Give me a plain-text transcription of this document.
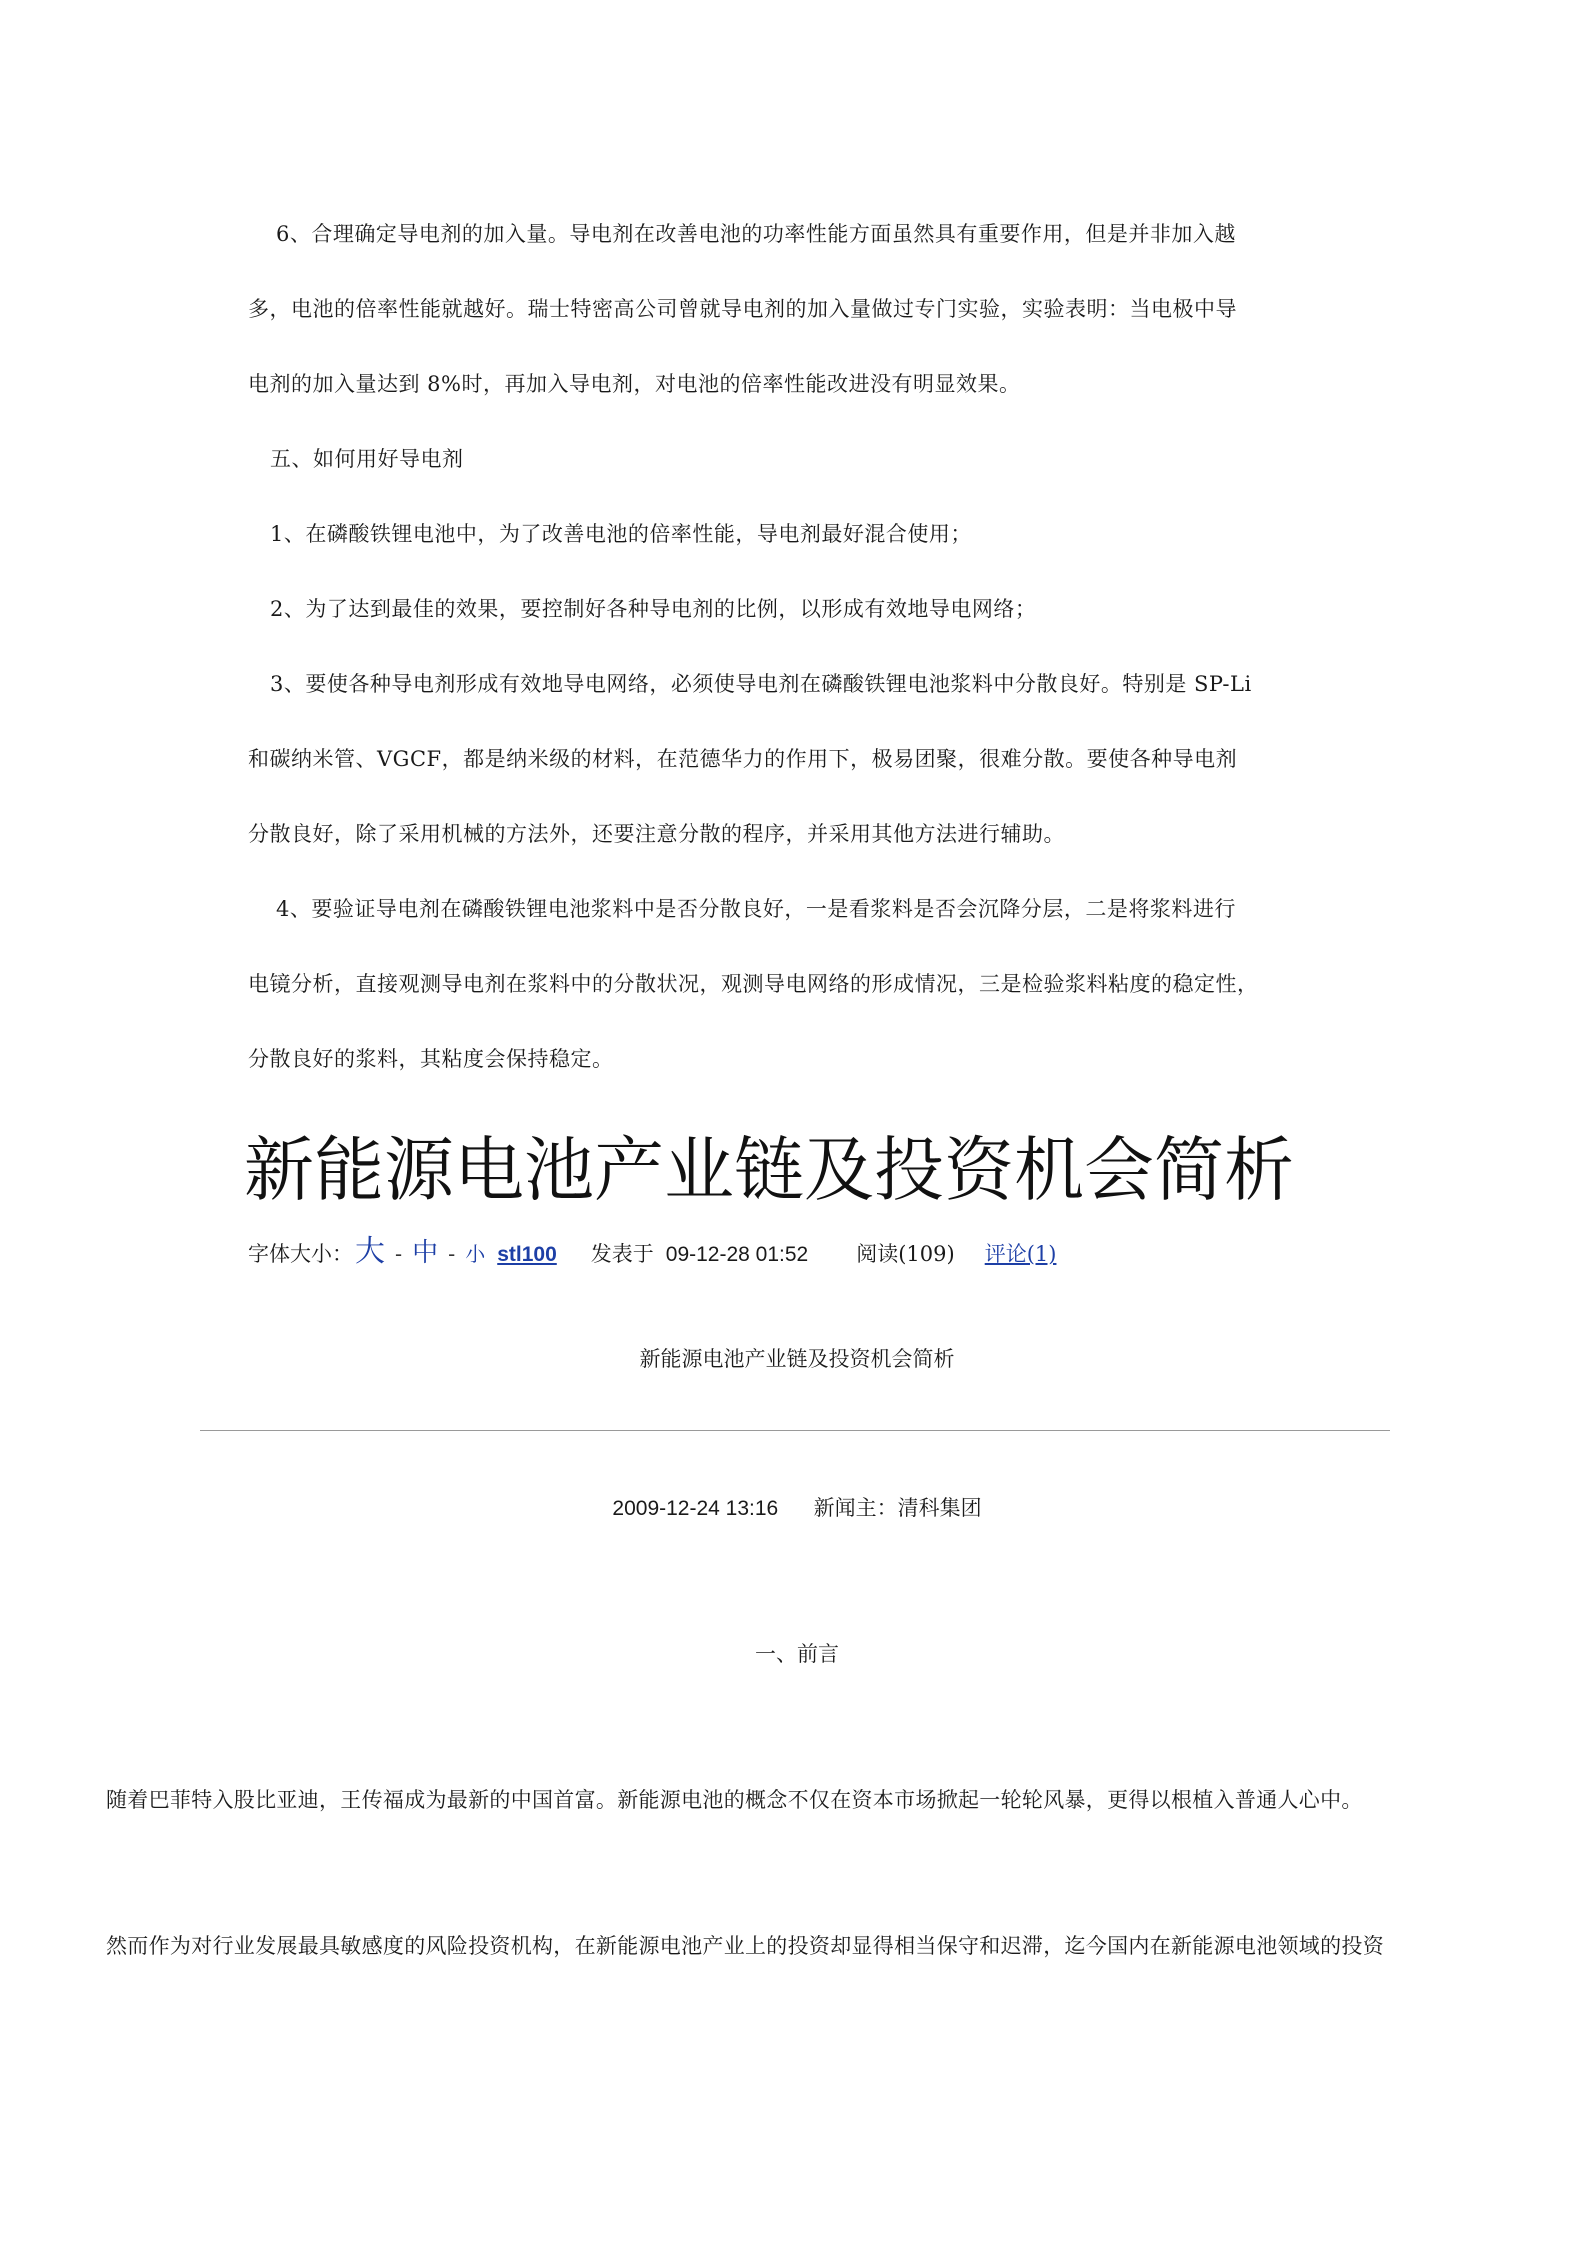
6、合理确定导电剂的加入量。导电剂在改善电池的功率性能方面虽然具有重要作用，但是并非加入越
多，电池的倍率性能就越好。瑞士特密高公司曾就导电剂的加入量做过专门实验，实验表明：当电极中导
电剂的加入量达到 8%时，再加入导电剂，对电池的倍率性能改进没有明显效果。
五、如何用好导电剂
1、在磷酸铁锂电池中，为了改善电池的倍率性能，导电剂最好混合使用；
2、为了达到最佳的效果，要控制好各种导电剂的比例，以形成有效地导电网络；
3、要使各种导电剂形成有效地导电网络，必须使导电剂在磷酸铁锂电池浆料中分散良好。特别是 SP-Li
和碳纳米管、VGCF，都是纳米级的材料，在范德华力的作用下，极易团聚，很难分散。要使各种导电剂
分散良好，除了采用机械的方法外，还要注意分散的程序，并采用其他方法进行辅助。
4、要验证导电剂在磷酸铁锂电池浆料中是否分散良好，一是看浆料是否会沉降分层，二是将浆料进行
电镜分析，直接观测导电剂在浆料中的分散状况，观测导电网络的形成情况，三是检验浆料粘度的稳定性，
分散良好的浆料，其粘度会保持稳定。
新能源电池产业链及投资机会简析
字体大小： 大 - 中 - 小 stl100 发表于 09-12-28 01:52 阅读(109) 评论(1)
新能源电池产业链及投资机会简析
2009-12-24 13:16 新闻主：清科集团
一、前言
随着巴菲特入股比亚迪，王传福成为最新的中国首富。新能源电池的概念不仅在资本市场掀起一轮轮风暴，更得以根植入普通人心中。
然而作为对行业发展最具敏感度的风险投资机构，在新能源电池产业上的投资却显得相当保守和迟滞，迄今国内在新能源电池领域的投资
